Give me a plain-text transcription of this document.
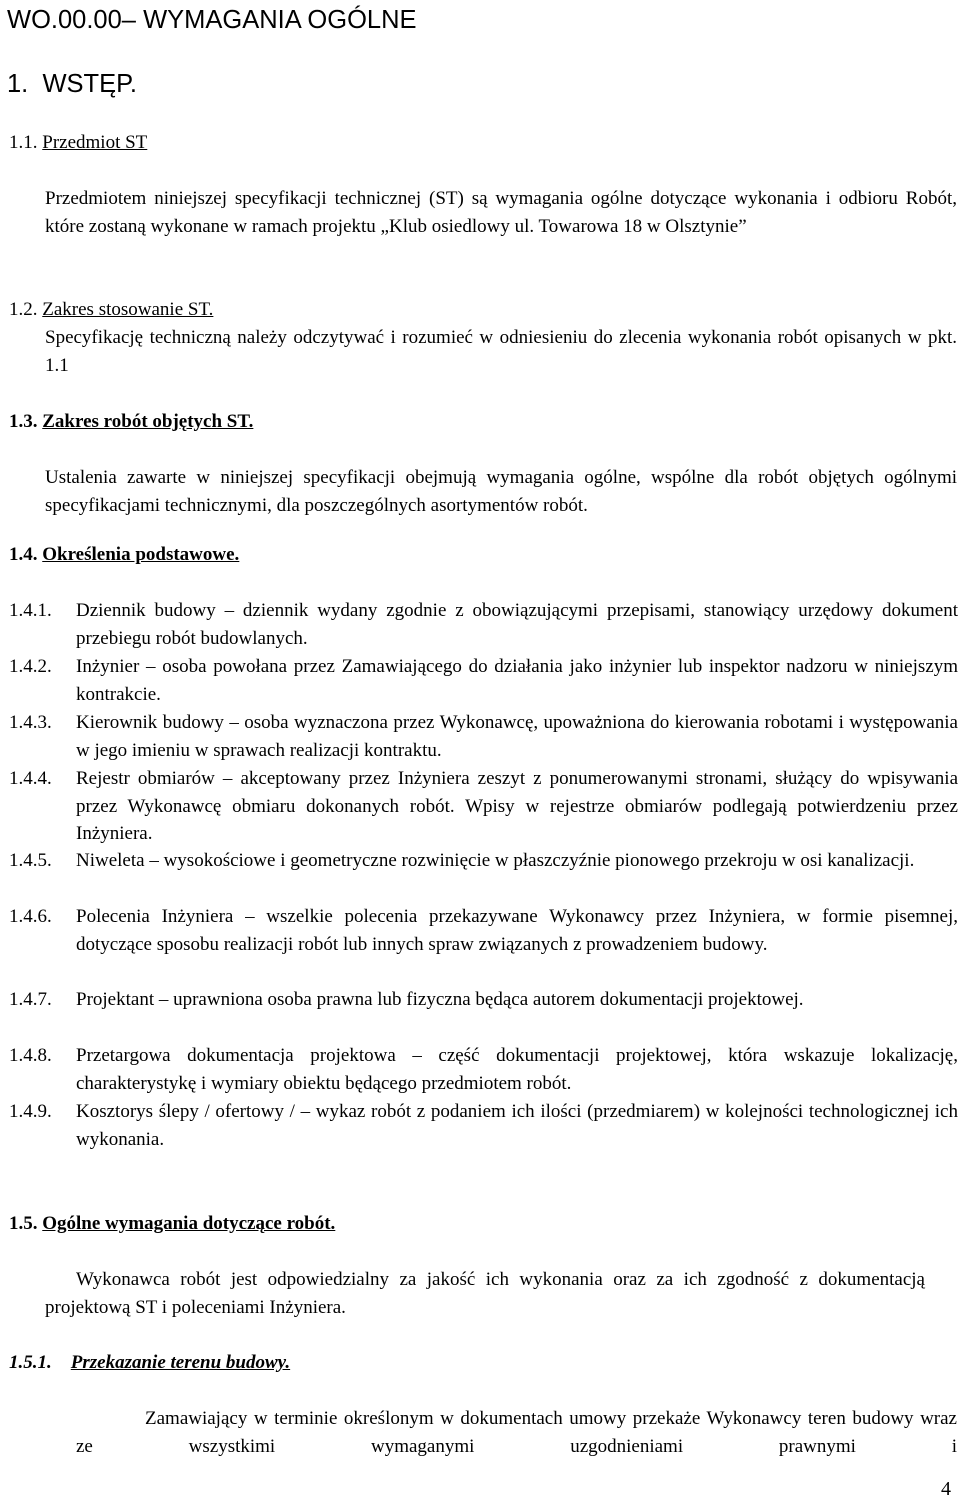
WO.00.00– WYMAGANIA OGÓLNE
1. WSTĘP.
1.1. Przedmiot ST
Przedmiotem niniejszej specyfikacji technicznej (ST) są wymagania ogólne dotyczące wykonania i odbioru Robót, które zostaną wykonane w ramach projektu „Klub osiedlowy ul. Towarowa 18 w Olsztynie”
1.2. Zakres stosowanie ST.
Specyfikację techniczną należy odczytywać i rozumieć w odniesieniu do zlecenia wykonania robót opisanych w pkt. 1.1
1.3. Zakres robót objętych ST.
Ustalenia zawarte w niniejszej specyfikacji obejmują wymagania ogólne, wspólne dla robót objętych ogólnymi specyfikacjami technicznymi, dla poszczególnych asortymentów robót.
1.4. Określenia podstawowe.
1.4.1. Dziennik budowy – dziennik wydany zgodnie z obowiązującymi przepisami, stanowiący urzędowy dokument przebiegu robót budowlanych.
1.4.2. Inżynier – osoba powołana przez Zamawiającego do działania jako inżynier lub inspektor nadzoru w niniejszym kontrakcie.
1.4.3. Kierownik budowy – osoba wyznaczona przez Wykonawcę, upoważniona do kierowania robotami i występowania w jego imieniu w sprawach realizacji kontraktu.
1.4.4. Rejestr obmiarów – akceptowany przez Inżyniera zeszyt z ponumerowanymi stronami, służący do wpisywania przez Wykonawcę obmiaru dokonanych robót. Wpisy w rejestrze obmiarów podlegają potwierdzeniu przez Inżyniera.
1.4.5. Niweleta – wysokościowe i geometryczne rozwinięcie w płaszczyźnie pionowego przekroju w osi kanalizacji.
1.4.6. Polecenia Inżyniera – wszelkie polecenia przekazywane Wykonawcy przez Inżyniera, w formie pisemnej, dotyczące sposobu realizacji robót lub innych spraw związanych z prowadzeniem budowy.
1.4.7. Projektant – uprawniona osoba prawna lub fizyczna będąca autorem dokumentacji projektowej.
1.4.8. Przetargowa dokumentacja projektowa – część dokumentacji projektowej, która wskazuje lokalizację, charakterystykę i wymiary obiektu będącego przedmiotem robót.
1.4.9. Kosztorys ślepy / ofertowy / – wykaz robót z podaniem ich ilości (przedmiarem) w kolejności technologicznej ich wykonania.
1.5. Ogólne wymagania dotyczące robót.
Wykonawca robót jest odpowiedzialny za jakość ich wykonania oraz za ich zgodność z dokumentacją projektową ST i poleceniami Inżyniera.
1.5.1. Przekazanie terenu budowy.
Zamawiający w terminie określonym w dokumentach umowy przekaże Wykonawcy teren budowy wraz ze wszystkimi wymaganymi uzgodnieniami prawnymi i
4
